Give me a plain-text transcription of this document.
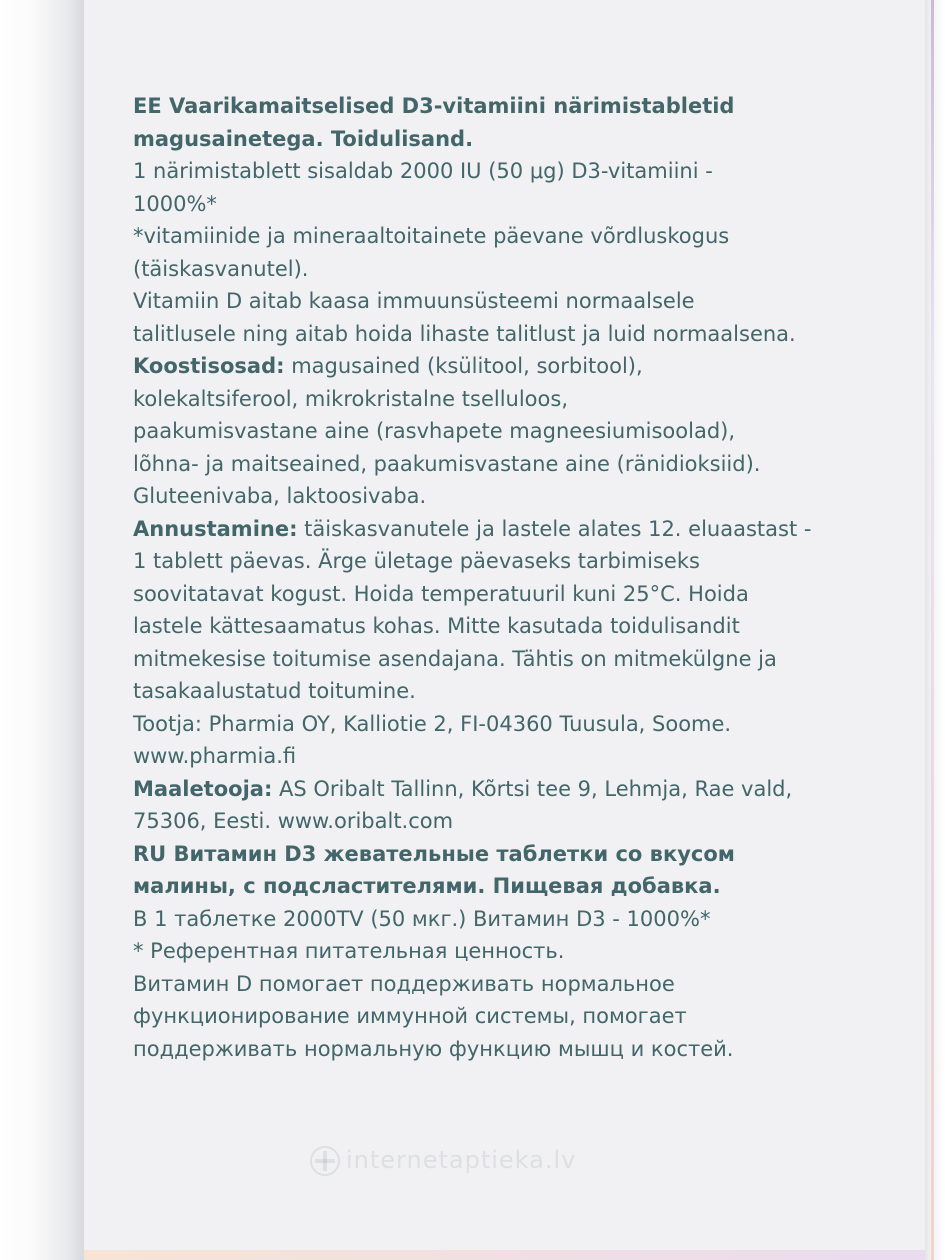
EE Vaarikamaitselised D3-vitamiini närimistabletid
magusainetega. Toidulisand.
1 närimistablett sisaldab 2000 IU (50 μg) D3-vitamiini -
1000%*
*vitamiinide ja mineraaltoitainete päevane võrdluskogus
(täiskasvanutel).
Vitamiin D aitab kaasa immuunsüsteemi normaalsele
talitlusele ning aitab hoida lihaste talitlust ja luid normaalsena.
Koostisosad: magusained (ksülitool, sorbitool),
kolekaltsiferool, mikrokristalne tselluloos,
paakumisvastane aine (rasvhapete magneesiumisoolad),
lõhna- ja maitseained, paakumisvastane aine (ränidioksiid).
Gluteenivaba, laktoosivaba.
Annustamine: täiskasvanutele ja lastele alates 12. eluaastast -
1 tablett päevas. Ärge ületage päevaseks tarbimiseks
soovitatavat kogust. Hoida temperatuuril kuni 25°C. Hoida
lastele kättesaamatus kohas. Mitte kasutada toidulisandit
mitmekesise toitumise asendajana. Tähtis on mitmekülgne ja
tasakaalustatud toitumine.
Tootja: Pharmia OY, Kalliotie 2, FI-04360 Tuusula, Soome.
www.pharmia.fi
Maaletooja: AS Oribalt Tallinn, Kõrtsi tee 9, Lehmja, Rae vald,
75306, Eesti. www.oribalt.com
RU Витамин D3 жевательные таблетки со вкусом
малины, с подсластителями. Пищевая добавка.
В 1 таблетке 2000TV (50 мкг.) Витамин D3 - 1000%*
* Референтная питательная ценность.
Витамин D помогает поддерживать нормальное
функционирование иммунной системы, помогает
поддерживать нормальную функцию мышц и костей.
internetaptieka.lv
